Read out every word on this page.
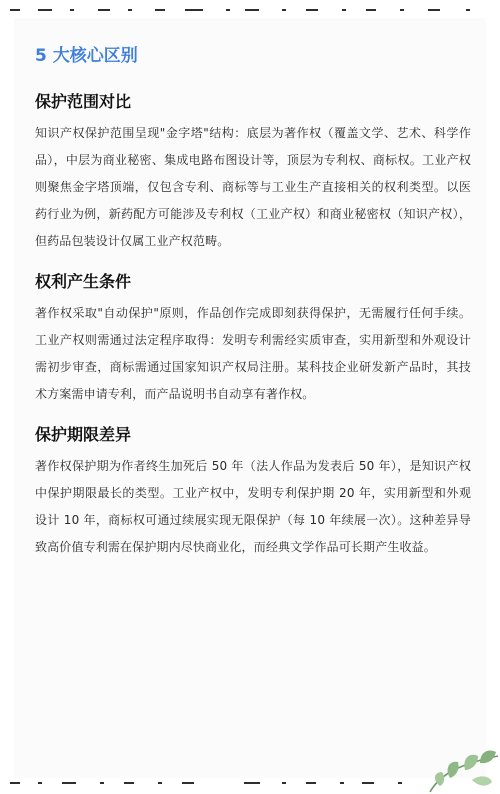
5 大核心区别
保护范围对比

知识产权保护范围呈现"金字塔"结构：底层为著作权（覆盖文学、艺术、科学作品），中层为商业秘密、集成电路布图设计等，顶层为专利权、商标权。工业产权则聚焦金字塔顶端，仅包含专利、商标等与工业生产直接相关的权利类型。以医药行业为例，新药配方可能涉及专利权（工业产权）和商业秘密权（知识产权），但药品包装设计仅属工业产权范畴。

权利产生条件

著作权采取"自动保护"原则，作品创作完成即刻获得保护，无需履行任何手续。工业产权则需通过法定程序取得：发明专利需经实质审查，实用新型和外观设计需初步审查，商标需通过国家知识产权局注册。某科技企业研发新产品时，其技术方案需申请专利，而产品说明书自动享有著作权。

保护期限差异

著作权保护期为作者终生加死后 50 年（法人作品为发表后 50 年），是知识产权中保护期限最长的类型。工业产权中，发明专利保护期 20 年，实用新型和外观设计 10 年，商标权可通过续展实现无限保护（每 10 年续展一次）。这种差异导致高价值专利需在保护期内尽快商业化，而经典文学作品可长期产生收益。
